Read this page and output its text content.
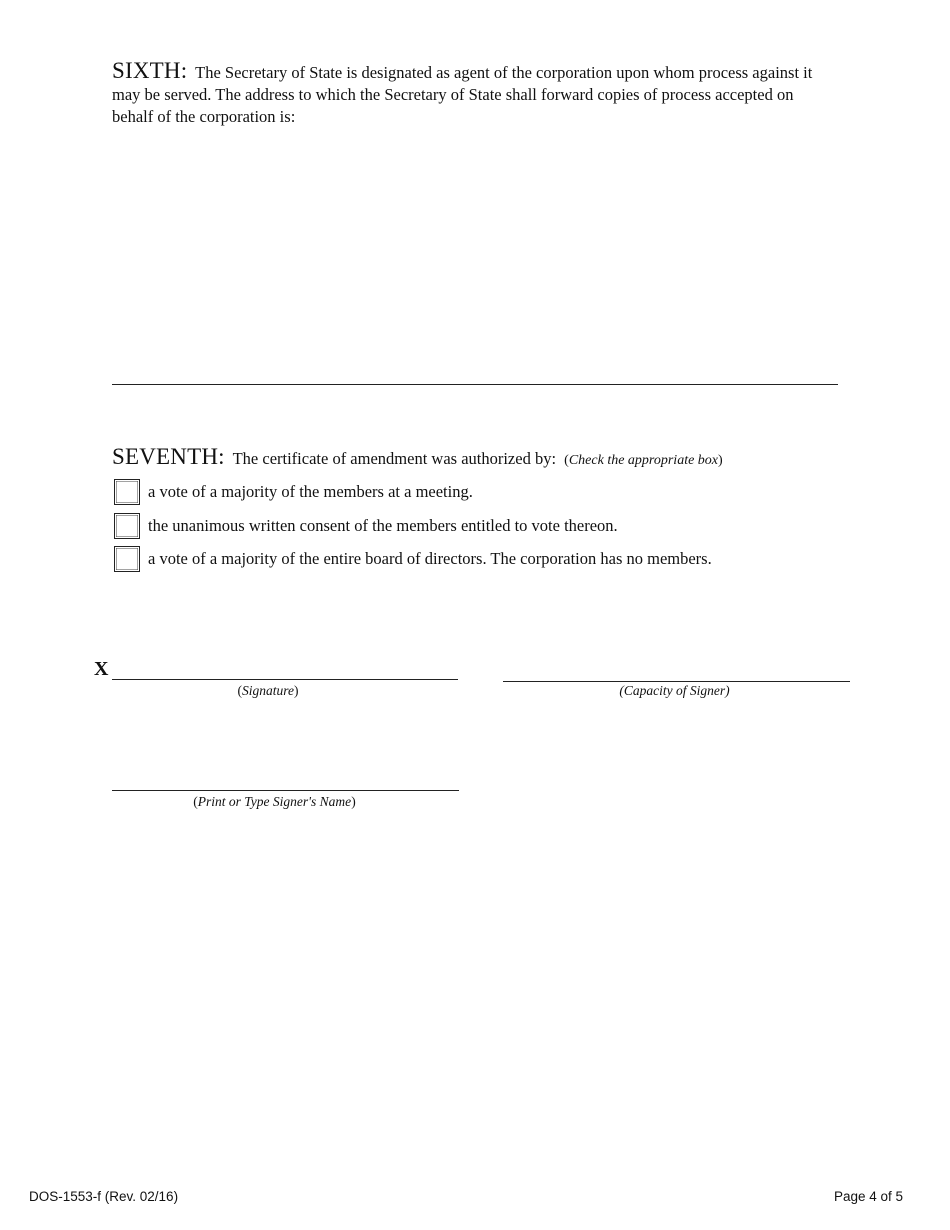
SIXTH: The Secretary of State is designated as agent of the corporation upon whom process against it may be served. The address to which the Secretary of State shall forward copies of process accepted on behalf of the corporation is:
SEVENTH: The certificate of amendment was authorized by: (Check the appropriate box)
a vote of a majority of the members at a meeting.
the unanimous written consent of the members entitled to vote thereon.
a vote of a majority of the entire board of directors. The corporation has no members.
X
(Signature)	(Capacity of Signer)
(Print or Type Signer's Name)
DOS-1553-f (Rev. 02/16)	Page 4 of 5
